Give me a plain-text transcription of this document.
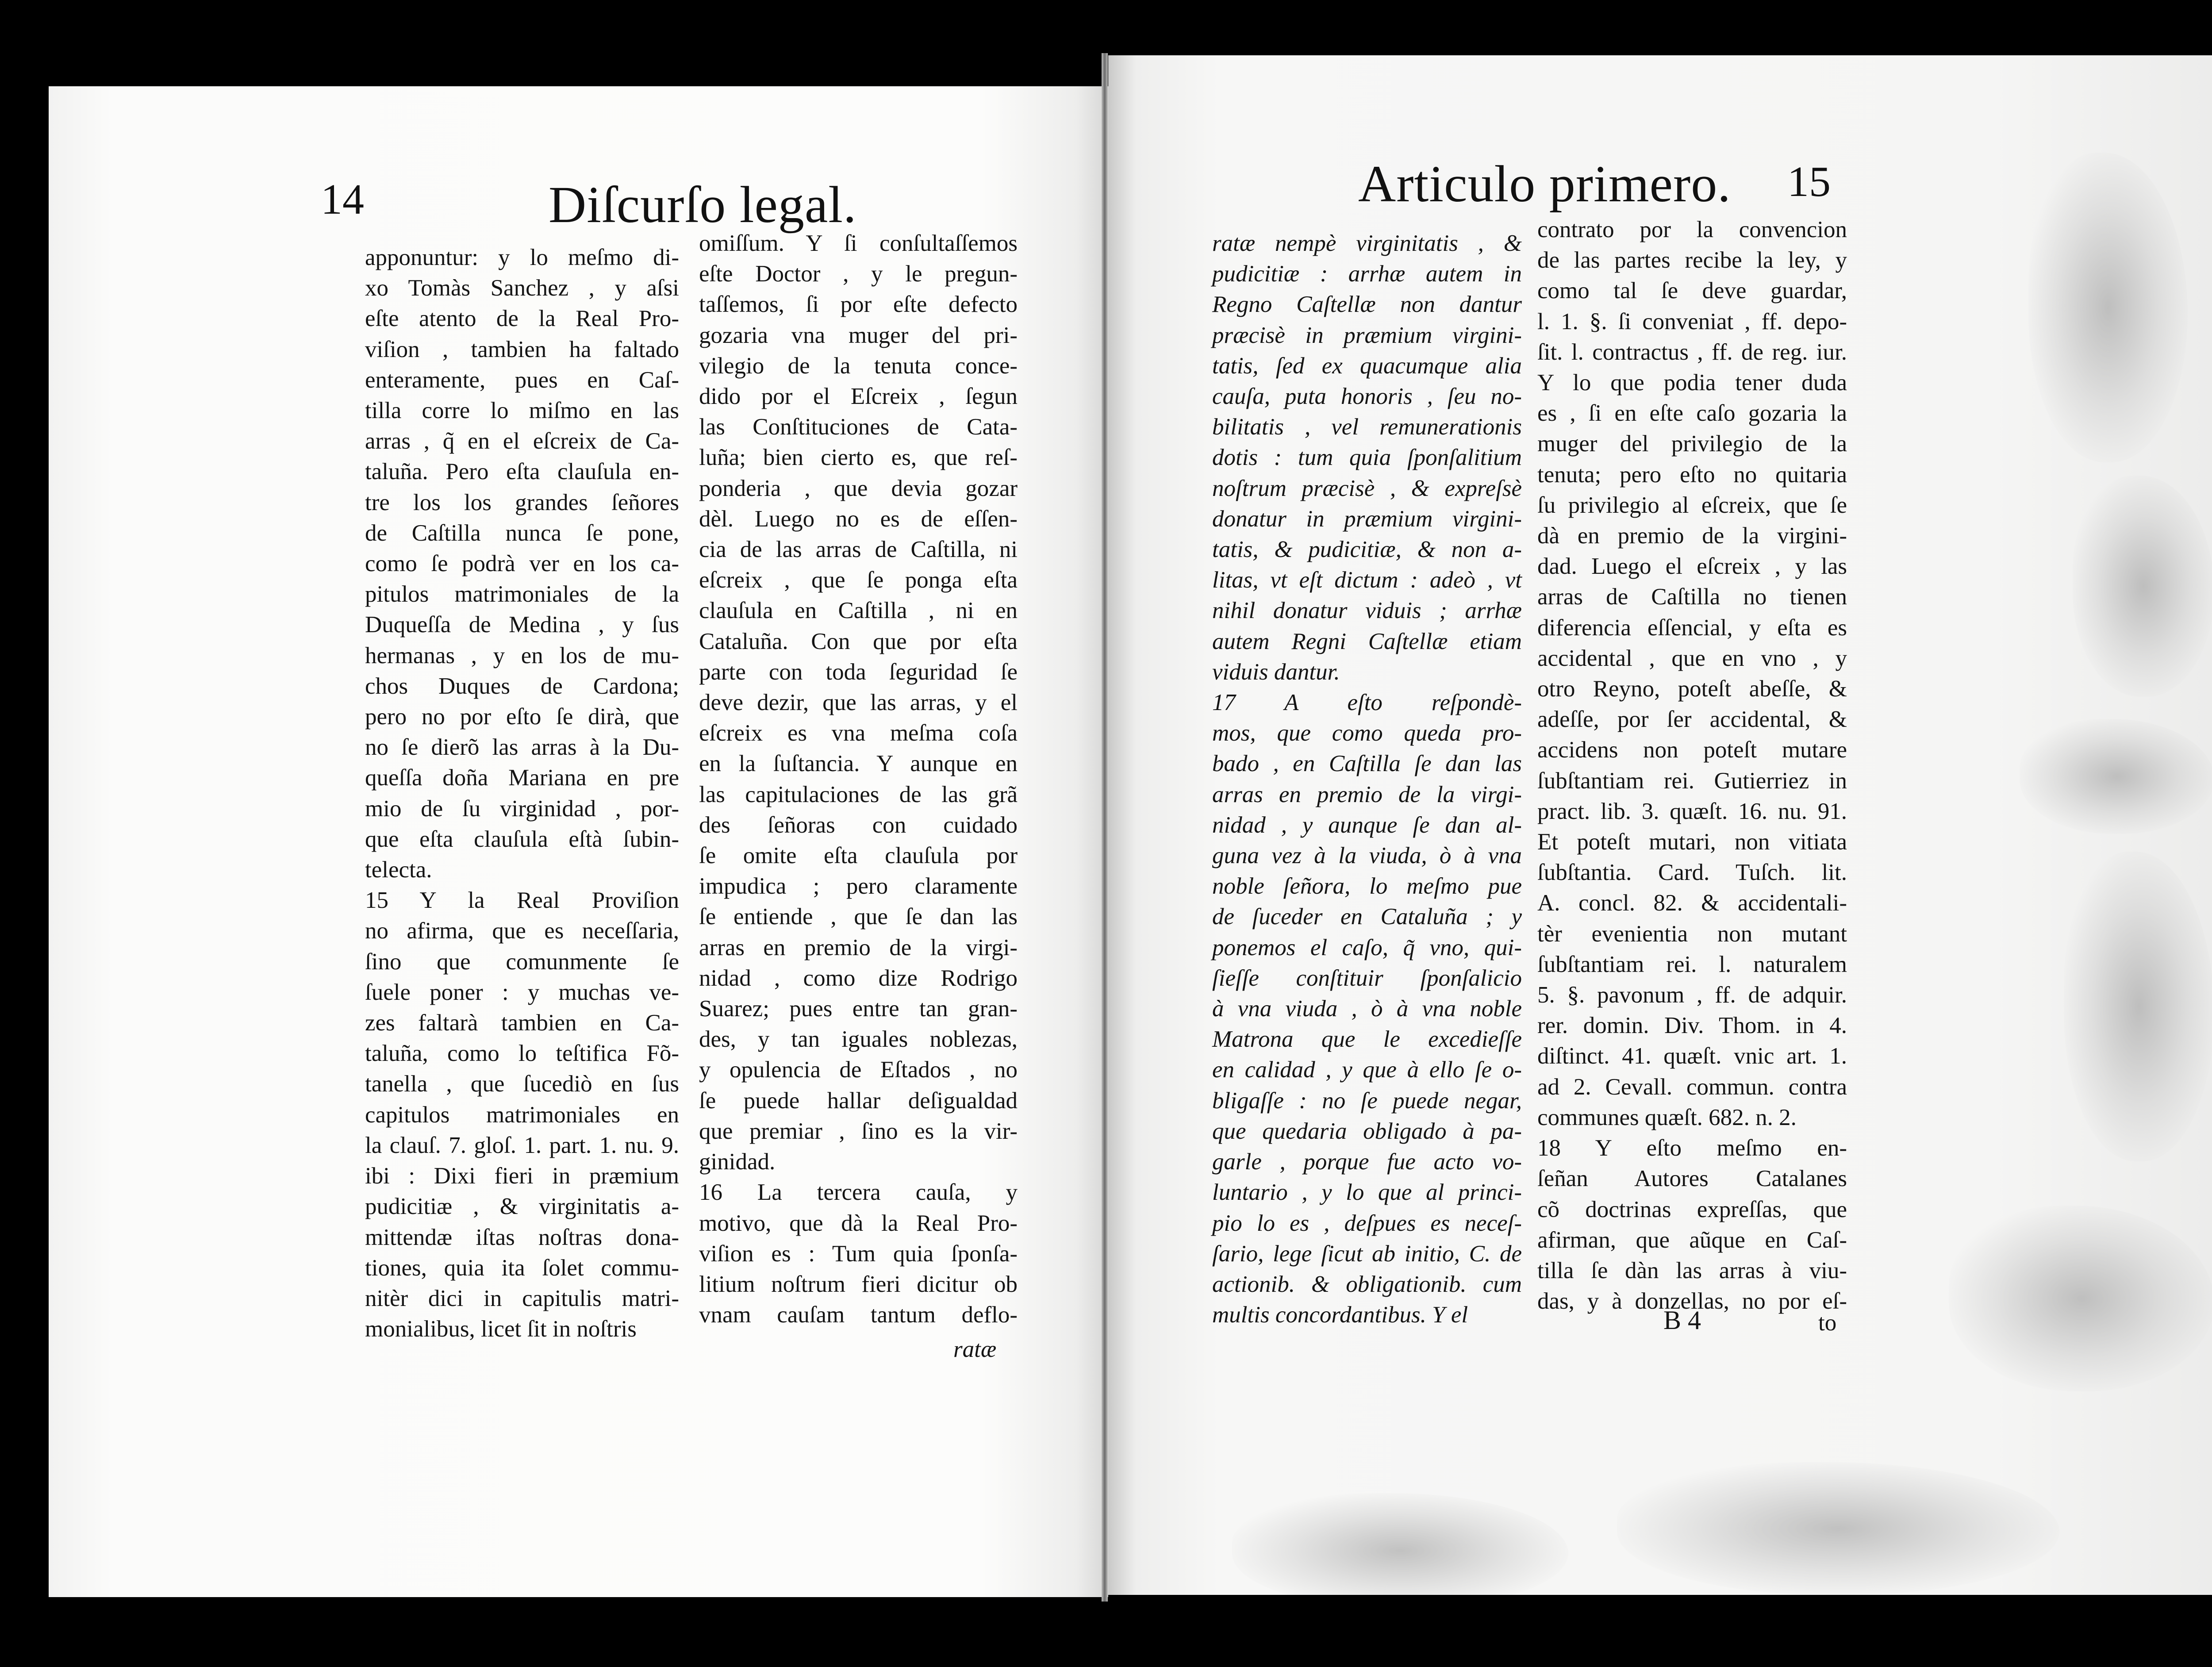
14	Diſcurſo legal.	Articulo primero. 15
apponuntur: y lo meſmo di-
xo Tomàs Sanchez , y aſsi
eſte atento de la Real Pro-
viſion , tambien ha faltado
enteramente, pues en Caſ-
tilla corre lo miſmo en las
arras , q̃ en el eſcreix de Ca-
taluña. Pero eſta clauſula en-
tre los los grandes ſeñores
de Caſtilla nunca ſe pone,
como ſe podrà ver en los ca-
pitulos matrimoniales de la
Duqueſſa de Medina , y ſus
hermanas , y en los de mu-
chos Duques de Cardona;
pero no por eſto ſe dirà, que
no ſe dierõ las arras à la Du-
queſſa doña Mariana en pre
mio de ſu virginidad , por-
que eſta clauſula eſtà ſubin-
telecta.
15 Y la Real Proviſion
no afirma, que es neceſſaria,
ſino que comunmente ſe
ſuele poner : y muchas ve-
zes faltarà tambien en Ca-
taluña, como lo teſtifica Fõ-
tanella , que ſucediò en ſus
capitulos matrimoniales en
la clauſ. 7. gloſ. 1. part. 1. nu. 9.
ibi : Dixi fieri in præmium
pudicitiæ , & virginitatis a-
mittendæ iſtas noſtras dona-
tiones, quia ita ſolet commu-
nitèr dici in capitulis matri-
monialibus, licet ſit in noſtris
omiſſum. Y ſi conſultaſſemos
eſte Doctor , y le pregun-
taſſemos, ſi por eſte defecto
gozaria vna muger del pri-
vilegio de la tenuta conce-
dido por el Eſcreix , ſegun
las Conſtituciones de Cata-
luña; bien cierto es, que reſ-
ponderia , que devia gozar
dèl. Luego no es de eſſen-
cia de las arras de Caſtilla, ni
eſcreix , que ſe ponga eſta
clauſula en Caſtilla , ni en
Cataluña. Con que por eſta
parte con toda ſeguridad ſe
deve dezir, que las arras, y el
eſcreix es vna meſma coſa
en la ſuſtancia. Y aunque en
las capitulaciones de las grã
des ſeñoras con cuidado
ſe omite eſta clauſula por
impudica ; pero claramente
ſe entiende , que ſe dan las
arras en premio de la virgi-
nidad , como dize Rodrigo
Suarez; pues entre tan gran-
des, y tan iguales noblezas,
y opulencia de Eſtados , no
ſe puede hallar deſigualdad
que premiar , ſino es la vir-
ginidad.
16 La tercera cauſa, y
motivo, que dà la Real Pro-
viſion es : Tum quia ſponſa-
litium noſtrum fieri dicitur ob
vnam cauſam tantum deflo-
ratæ nempè virginitatis , &
pudicitiæ : arrhæ autem in
Regno Caſtellæ non dantur
præcisè in præmium virgini-
tatis, ſed ex quacumque alia
cauſa, puta honoris , ſeu no-
bilitatis , vel remunerationis
dotis : tum quia ſponſalitium
noſtrum præcisè , & expreſsè
donatur in præmium virgini-
tatis, & pudicitiæ, & non a-
litas, vt eſt dictum : adeò , vt
nihil donatur viduis ; arrhæ
autem Regni Caſtellæ etiam
viduis dantur.
17 A eſto reſpondè-
mos, que como queda pro-
bado , en Caſtilla ſe dan las
arras en premio de la virgi-
nidad , y aunque ſe dan al-
guna vez à la viuda, ò à vna
noble ſeñora, lo meſmo pue
de ſuceder en Cataluña ; y
ponemos el caſo, q̃ vno, qui-
ſieſſe conſtituir ſponſalicio
à vna viuda , ò à vna noble
Matrona que le excedieſſe
en calidad , y que à ello ſe o-
bligaſſe : no ſe puede negar,
que quedaria obligado à pa-
garle , porque fue acto vo-
luntario , y lo que al princi-
pio lo es , deſpues es neceſ-
ſario, lege ſicut ab initio, C. de
actionib. & obligationib. cum
multis concordantibus. Y el
contrato por la convencion
de las partes recibe la ley, y
como tal ſe deve guardar,
l. 1. §. ſi conveniat , ff. depo-
ſit. l. contractus , ff. de reg. iur.
Y lo que podia tener duda
es , ſi en eſte caſo gozaria la
muger del privilegio de la
tenuta; pero eſto no quitaria
ſu privilegio al eſcreix, que ſe
dà en premio de la virgini-
dad. Luego el eſcreix , y las
arras de Caſtilla no tienen
diferencia eſſencial, y eſta es
accidental , que en vno , y
otro Reyno, poteſt abeſſe, &
adeſſe, por ſer accidental, &
accidens non poteſt mutare
ſubſtantiam rei. Gutierriez in
pract. lib. 3. quæſt. 16. nu. 91.
Et poteſt mutari, non vitiata
ſubſtantia. Card. Tuſch. lit.
A. concl. 82. & accidentali-
tèr evenientia non mutant
ſubſtantiam rei. l. naturalem
5. §. pavonum , ff. de adquir.
rer. domin. Div. Thom. in 4.
diſtinct. 41. quæſt. vnic art. 1.
ad 2. Cevall. commun. contra
communes quæſt. 682. n. 2.
18 Y eſto meſmo en-
ſeñan Autores Catalanes
cõ doctrinas expreſſas, que
afirman, que aũque en Caſ-
tilla ſe dàn las arras à viu-
das, y à donzellas, no por eſ-
ratæ
B 4	to
